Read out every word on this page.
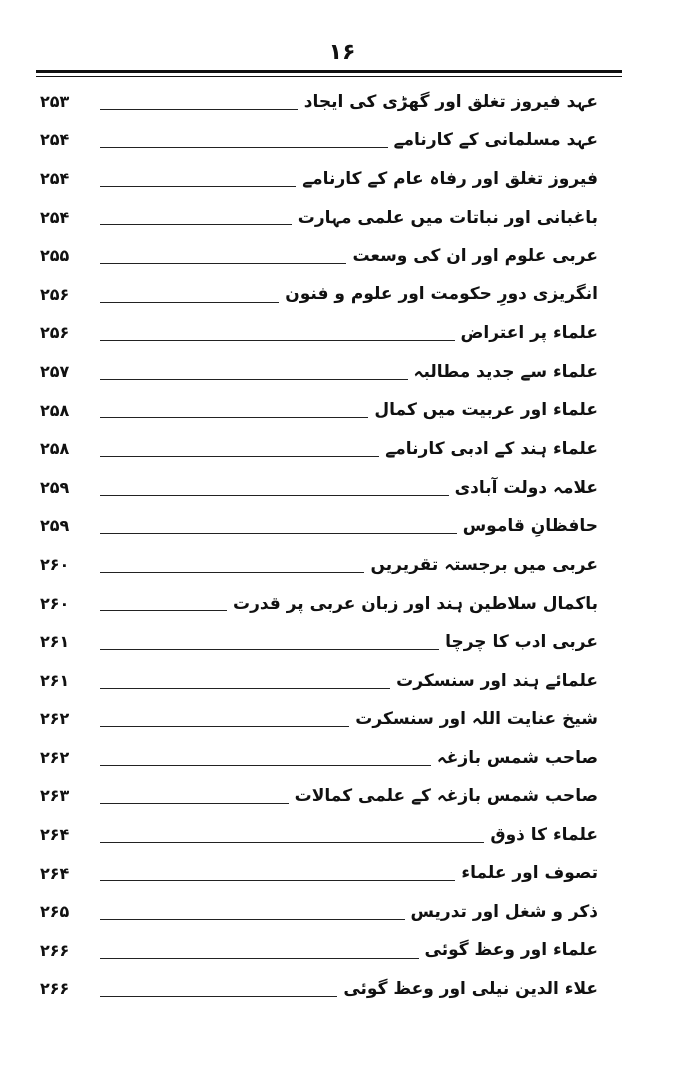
۱۶
عہد فیروز تغلق اور گھڑی کی ایجاد
۲۵۳
عہد مسلمانی کے کارنامے
۲۵۴
فیروز تغلق اور رفاہ عام کے کارنامے
۲۵۴
باغبانی اور نباتات میں علمی مہارت
۲۵۴
عربی علوم اور ان کی وسعت
۲۵۵
انگریزی دورِ حکومت اور علوم و فنون
۲۵۶
علماء پر اعتراض
۲۵۶
علماء سے جدید مطالبہ
۲۵۷
علماء اور عربیت میں کمال
۲۵۸
علماء ہند کے ادبی کارنامے
۲۵۸
علامہ دولت آبادی
۲۵۹
حافظانِ قاموس
۲۵۹
عربی میں برجستہ تقریریں
۲۶۰
باکمال سلاطین ہند اور زبان عربی پر قدرت
۲۶۰
عربی ادب کا چرچا
۲۶۱
علمائے ہند اور سنسکرت
۲۶۱
شیخ عنایت اللہ اور سنسکرت
۲۶۲
صاحب شمس بازغہ
۲۶۲
صاحب شمس بازغہ کے علمی کمالات
۲۶۳
علماء کا ذوق
۲۶۴
تصوف اور علماء
۲۶۴
ذکر و شغل اور تدریس
۲۶۵
علماء اور وعظ گوئی
۲۶۶
علاء الدین نیلی اور وعظ گوئی
۲۶۶
